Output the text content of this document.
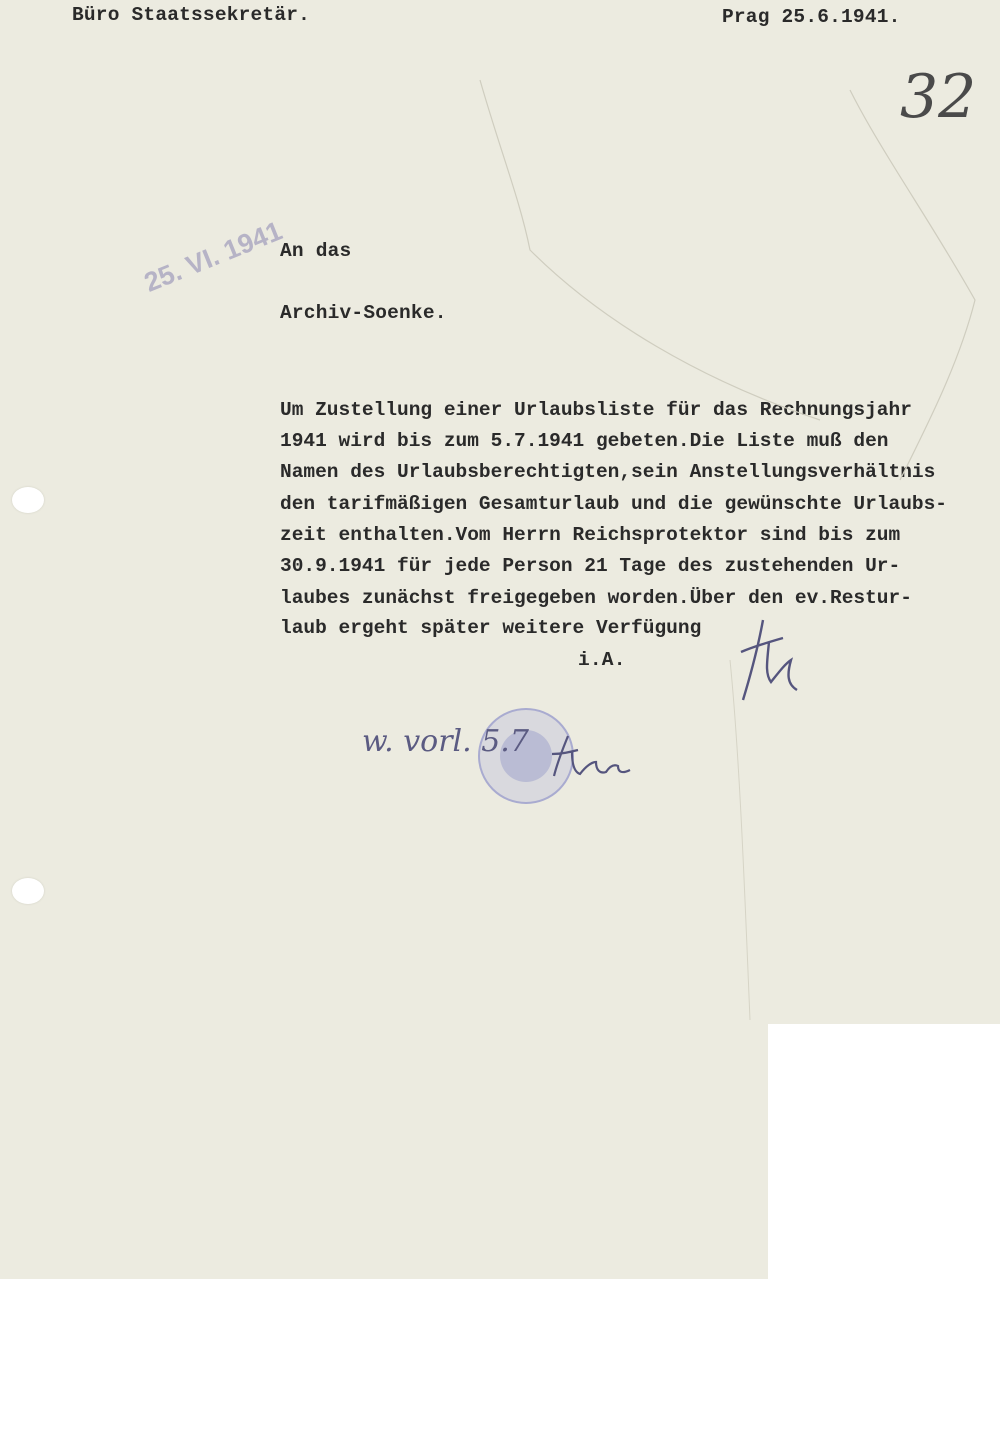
Büro Staatssekretär.	Prag 25.6.1941.
32
25. VI. 1941
An das
Archiv-Soenke.
Um Zustellung einer Urlaubsliste für das Rechnungsjahr
1941 wird bis zum 5.7.1941 gebeten.Die Liste muß den
Namen des Urlaubsberechtigten,sein Anstellungsverhältnis
den tarifmäßigen Gesamturlaub und die gewünschte Urlaubs-
zeit enthalten.Vom Herrn Reichsprotektor sind bis zum
30.9.1941 für jede Person 21 Tage des zustehenden Ur-
laubes zunächst freigegeben worden.Über den ev.Restur-
laub ergeht später weitere Verfügung
i.A.
w. vorl. 5.7
